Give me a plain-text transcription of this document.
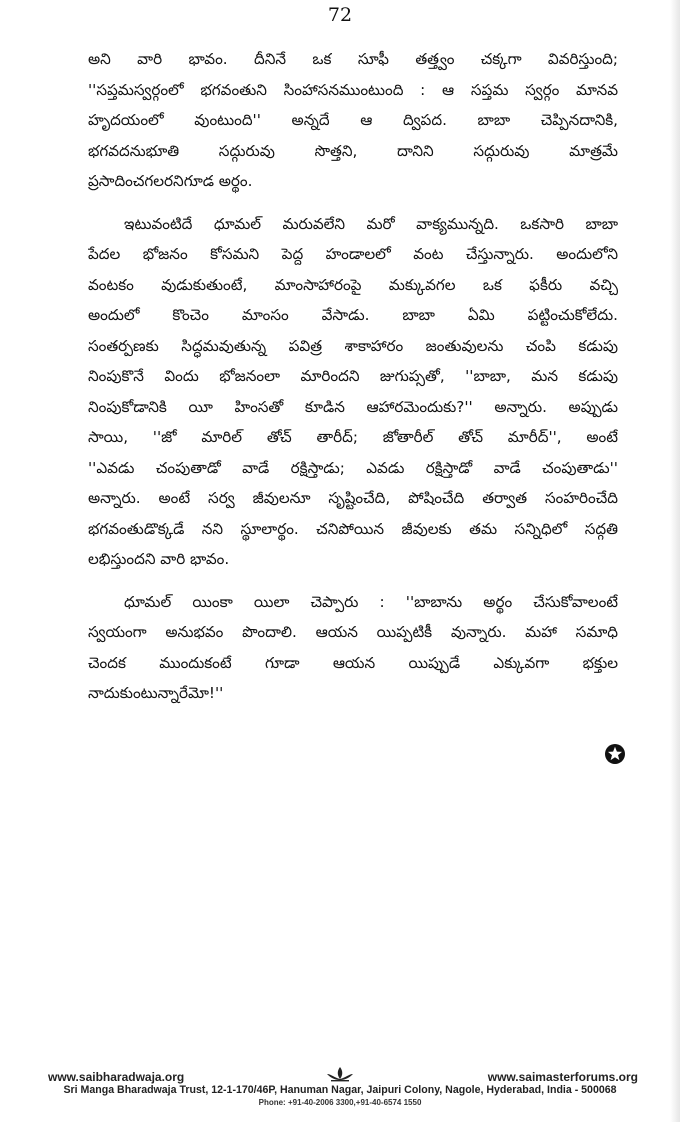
72

అని వారి భావం. దీనినే ఒక సూఫీ తత్త్వం చక్కగా వివరిస్తుంది;
''సప్తమస్వర్గంలో భగవంతుని సింహాసనముంటుంది : ఆ సప్తమ స్వర్గం మానవ
హృదయంలో వుంటుంది'' అన్నదే ఆ ద్విపద. బాబా చెప్పినదానికి,
భగవదనుభూతి సద్గురువు సొత్తని, దానిని సద్గురువు మాత్రమే
ప్రసాదించగలరనిగూడ అర్థం.

ఇటువంటిదే ధూమల్ మరువలేని మరో వాక్యమున్నది. ఒకసారి బాబా
పేదల భోజనం కోసమని పెద్ద హండాలలో వంట చేస్తున్నారు. అందులోని
వంటకం వుడుకుతుంటే, మాంసాహారంపై మక్కువగల ఒక ఫకీరు వచ్చి
అందులో కొంచెం మాంసం వేసాడు. బాబా ఏమి పట్టించుకోలేదు.
సంతర్పణకు సిద్ధమవుతున్న పవిత్ర శాకాహారం జంతువులను చంపి కడుపు
నింపుకొనే విందు భోజనంలా మారిందని జుగుప్సతో, ''బాబా, మన కడుపు
నింపుకోడానికి యీ హింసతో కూడిన ఆహారమెందుకు?'' అన్నారు. అప్పుడు
సాయి, ''జో మారిల్ తోచ్ తారీద్; జోతారీల్ తోచ్ మారీద్'', అంటే
''ఎవడు చంపుతాడో వాడే రక్షిస్తాడు; ఎవడు రక్షిస్తాడో వాడే చంపుతాడు''
అన్నారు. అంటే సర్వ జీవులనూ సృష్టించేది, పోషించేది తర్వాత సంహరించేది
భగవంతుడొక్కడే నని స్థూలార్థం. చనిపోయిన జీవులకు తమ సన్నిధిలో సద్గతి
లభిస్తుందని వారి భావం.

ధూమల్ యింకా యిలా చెప్పారు : ''బాబాను అర్థం చేసుకోవాలంటే
స్వయంగా అనుభవం పొందాలి. ఆయన యిప్పటికీ వున్నారు. మహా సమాధి
చెందక ముందుకంటే గూడా ఆయన యిప్పుడే ఎక్కువగా భక్తుల
నాదుకుంటున్నారేమో!''

www.saibharadwaja.org	www.saimasterforums.org
Sri Manga Bharadwaja Trust, 12-1-170/46P, Hanuman Nagar, Jaipuri Colony, Nagole, Hyderabad, India - 500068
Phone: +91-40-2006 3300,+91-40-6574 1550
